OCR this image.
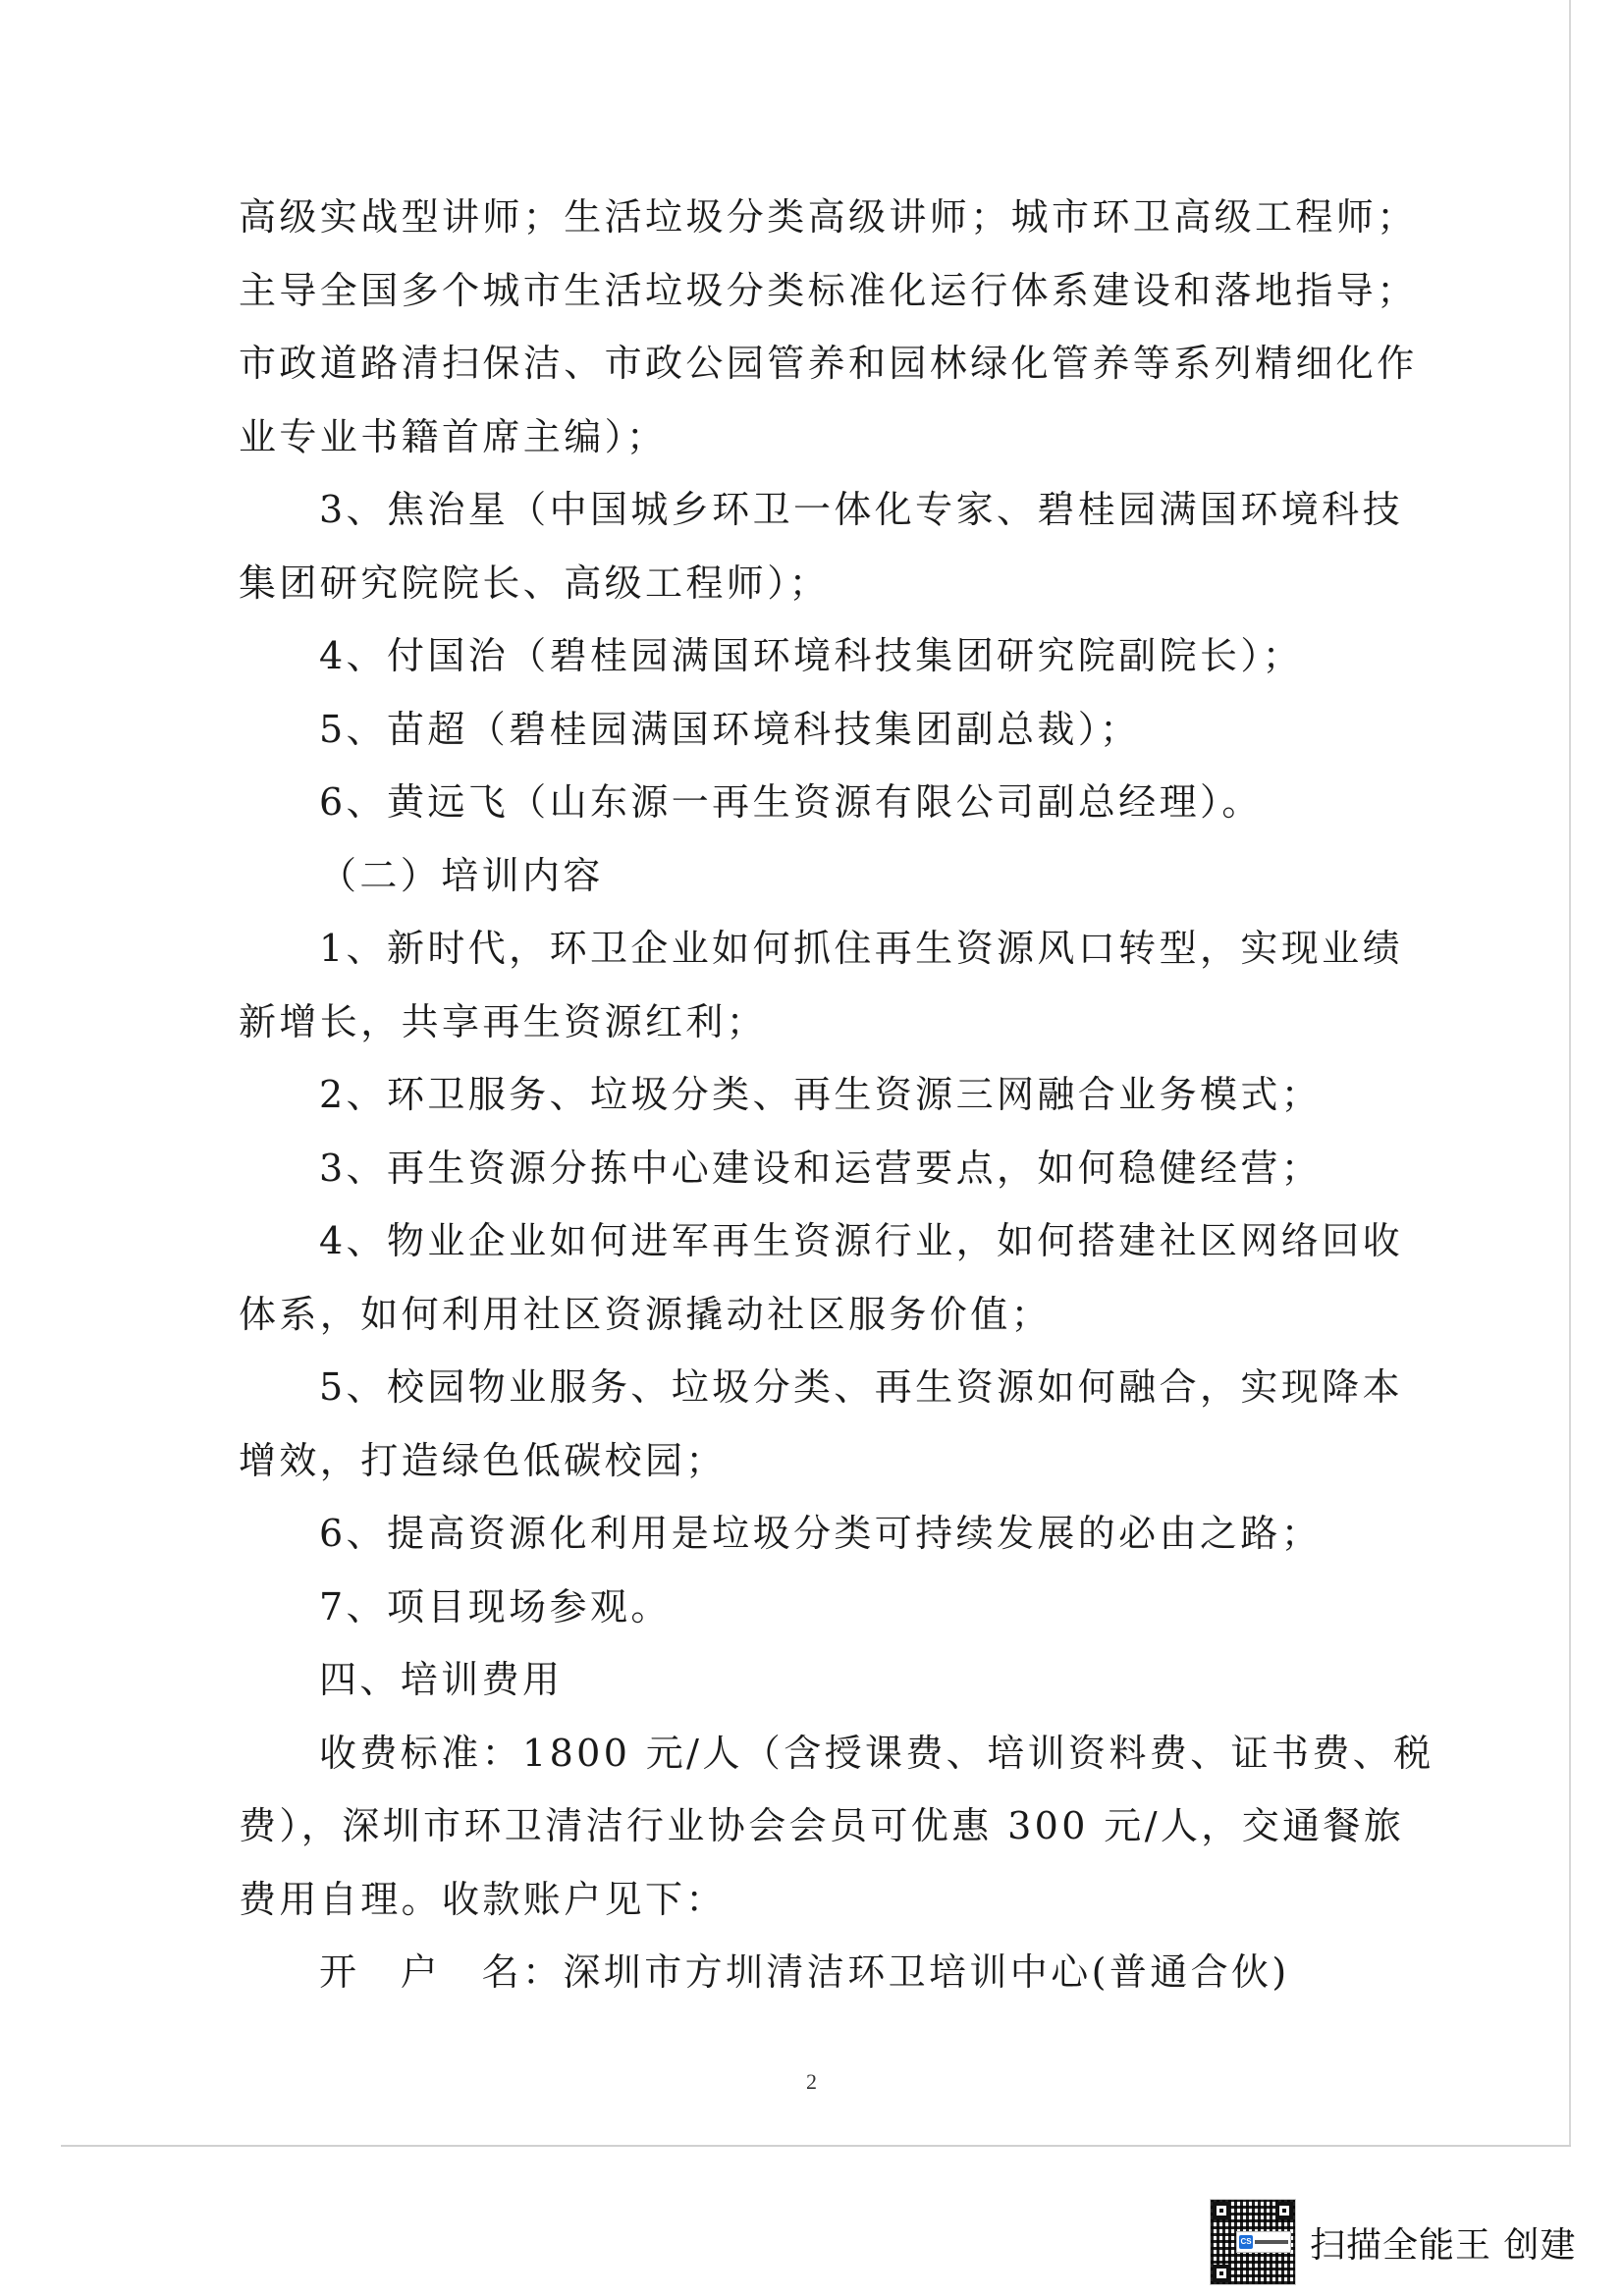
高级实战型讲师；生活垃圾分类高级讲师；城市环卫高级工程师；
主导全国多个城市生活垃圾分类标准化运行体系建设和落地指导；
市政道路清扫保洁、市政公园管养和园林绿化管养等系列精细化作
业专业书籍首席主编）；
3、焦治星（中国城乡环卫一体化专家、碧桂园满国环境科技
集团研究院院长、高级工程师）；
4、付国治（碧桂园满国环境科技集团研究院副院长）；
5、苗超（碧桂园满国环境科技集团副总裁）；
6、黄远飞（山东源一再生资源有限公司副总经理）。
（二）培训内容
1、新时代，环卫企业如何抓住再生资源风口转型，实现业绩
新增长，共享再生资源红利；
2、环卫服务、垃圾分类、再生资源三网融合业务模式；
3、再生资源分拣中心建设和运营要点，如何稳健经营；
4、物业企业如何进军再生资源行业，如何搭建社区网络回收
体系，如何利用社区资源撬动社区服务价值；
5、校园物业服务、垃圾分类、再生资源如何融合，实现降本
增效，打造绿色低碳校园；
6、提高资源化利用是垃圾分类可持续发展的必由之路；
7、项目现场参观。
四、培训费用
收费标准：1800 元/人（含授课费、培训资料费、证书费、税
费），深圳市环卫清洁行业协会会员可优惠 300 元/人，交通餐旅
费用自理。收款账户见下：
开　户　名：深圳市方圳清洁环卫培训中心(普通合伙)
2
CS 扫描全能王 创建
